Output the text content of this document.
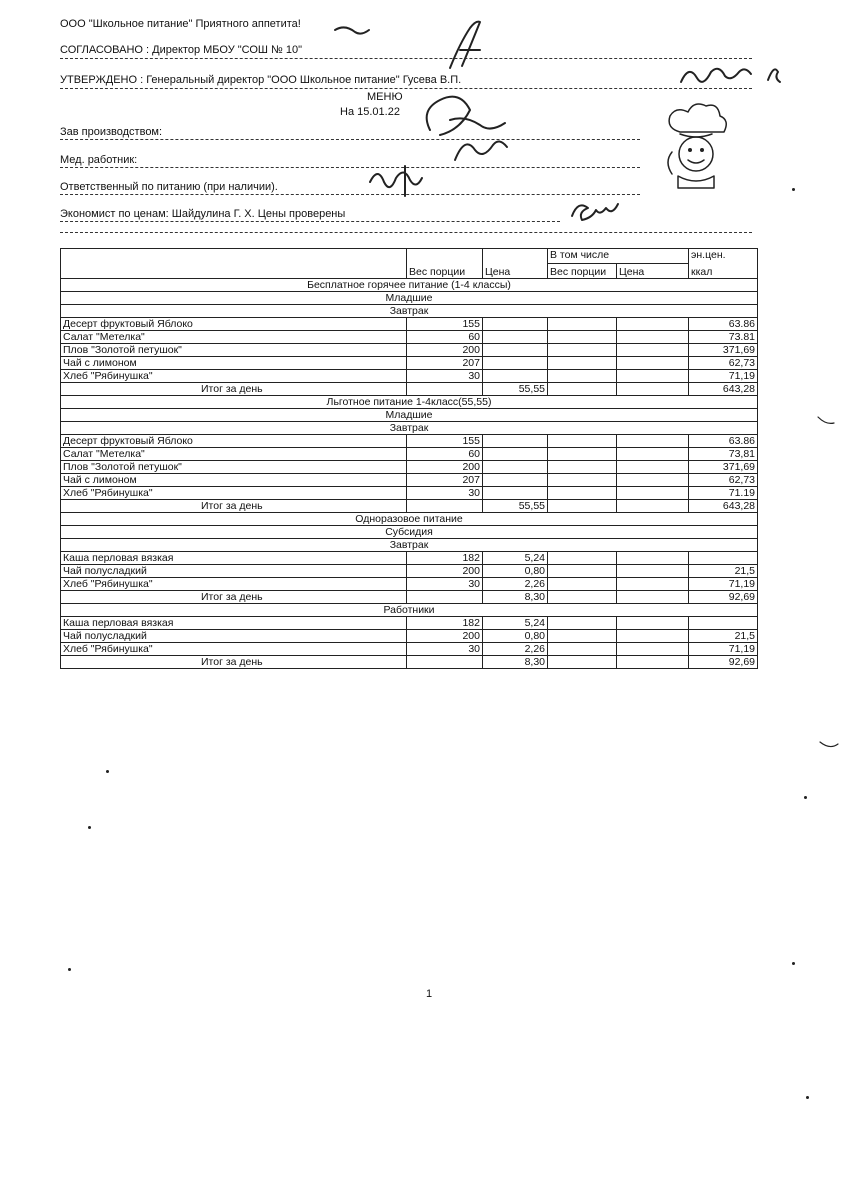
ООО "Школьное питание" Приятного аппетита!
СОГЛАСОВАНО : Директор МБОУ "СОШ № 10"
УТВЕРЖДЕНО : Генеральный директор "ООО Школьное питание" Гусева В.П.
МЕНЮ
На 15.01.22
Зав производством:
Мед. работник:
Ответственный по питанию (при наличии).
Экономист по ценам: Шайдулина Г. Х. Цены проверены
			В том числе		эн.цен.
	Вес порции	Цена	Вес порции	Цена	ккал
Бесплатное горячее питание (1-4 классы)					
Младшие					
Завтрак					
Десерт фруктовый Яблоко	155				63.86
Салат "Метелка"	60				73.81
Плов "Золотой петушок"	200				371,69
Чай с лимоном	207				62,73
Хлеб "Рябинушка"	30				71,19
Итог за день		55,55			643,28
Льготное питание 1-4класс(55,55)					
Младшие					
Завтрак					
Десерт фруктовый Яблоко	155				63.86
Салат "Метелка"	60				73,81
Плов "Золотой петушок"	200				371,69
Чай с лимоном	207				62,73
Хлеб "Рябинушка"	30				71.19
Итог за день		55,55			643,28
Одноразовое питание					
Субсидия					
Завтрак					
Каша перловая вязкая	182	5,24			
Чай полусладкий	200	0,80			21,5
Хлеб "Рябинушка"	30	2,26			71,19
Итог за день		8,30			92,69
Работники					
Каша перловая вязкая	182	5,24			
Чай полусладкий	200	0,80			21,5
Хлеб "Рябинушка"	30	2,26			71,19
Итог за день		8,30			92,69
1
